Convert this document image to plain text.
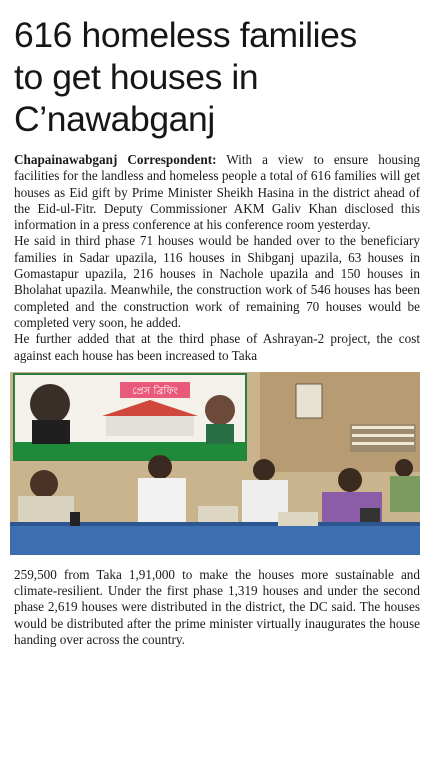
616 homeless families
to get houses in
C’nawabganj

Chapainawabganj Correspondent: With a view to ensure housing facilities for the landless and homeless people a total of 616 families will get houses as Eid gift by Prime Minister Sheikh Hasina in the district ahead of the Eid-ul-Fitr. Deputy Commissioner AKM Galiv Khan disclosed this information in a press conference at his conference room yesterday.

He said in third phase 71 houses would be handed over to the beneficiary families in Sadar upazila, 116 houses in Shibganj upazila, 63 houses in Gomastapur upazila, 216 houses in Nachole upazila and 150 houses in Bholahat upazila. Meanwhile, the construction work of 546 houses has been completed and the construction work of remaining 70 houses would be completed very soon, he added.

He further added that at the third phase of Ashrayan-2 project, the cost against each house has been increased to Taka

প্রেস ব্রিফিং

259,500 from Taka 1,91,000 to make the houses more sustainable and climate-resilient. Under the first phase 1,319 houses and under the second phase 2,619 houses were distributed in the district, the DC said. The houses would be distributed after the prime minister virtually inaugurates the house handing over across the country.
